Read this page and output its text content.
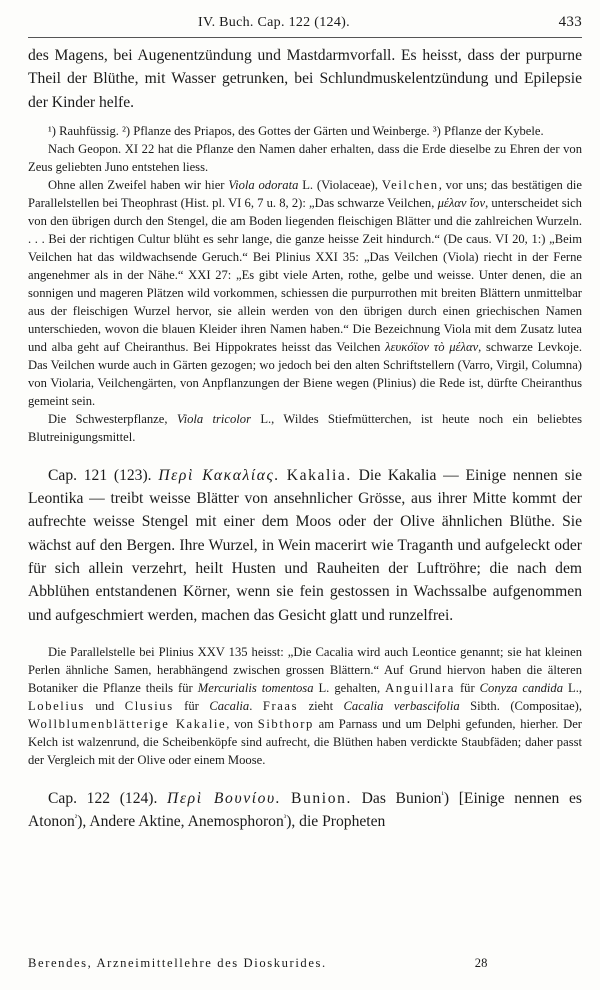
IV. Buch. Cap. 122 (124).	433

des Magens, bei Augenentzündung und Mastdarmvorfall. Es heisst, dass der purpurne Theil der Blüthe, mit Wasser getrunken, bei Schlundmuskelentzündung und Epilepsie der Kinder helfe.

¹) Rauhfüssig. ²) Pflanze des Priapos, des Gottes der Gärten und Weinberge. ³) Pflanze der Kybele.

Nach Geopon. XI 22 hat die Pflanze den Namen daher erhalten, dass die Erde dieselbe zu Ehren der von Zeus geliebten Juno entstehen liess.

Ohne allen Zweifel haben wir hier Viola odorata L. (Violaceae), Veilchen, vor uns; das bestätigen die Parallelstellen bei Theophrast (Hist. pl. VI 6, 7 u. 8, 2): „Das schwarze Veilchen, μέλαν ἴον, unterscheidet sich von den übrigen durch den Stengel, die am Boden liegenden fleischigen Blätter und die zahlreichen Wurzeln. . . . Bei der richtigen Cultur blüht es sehr lange, die ganze heisse Zeit hindurch.“ (De caus. VI 20, 1:) „Beim Veilchen hat das wildwachsende Geruch.“ Bei Plinius XXI 35: „Das Veilchen (Viola) riecht in der Ferne angenehmer als in der Nähe.“ XXI 27: „Es gibt viele Arten, rothe, gelbe und weisse. Unter denen, die an sonnigen und mageren Plätzen wild vorkommen, schiessen die purpurrothen mit breiten Blättern unmittelbar aus der fleischigen Wurzel hervor, sie allein werden von den übrigen durch einen griechischen Namen unterschieden, wovon die blauen Kleider ihren Namen haben.“ Die Bezeichnung Viola mit dem Zusatz lutea und alba geht auf Cheiranthus. Bei Hippokrates heisst das Veilchen λευκόϊον τὸ μέλαν, schwarze Levkoje. Das Veilchen wurde auch in Gärten gezogen; wo jedoch bei den alten Schriftstellern (Varro, Virgil, Columna) von Violaria, Veilchengärten, von Anpflanzungen der Biene wegen (Plinius) die Rede ist, dürfte Cheiranthus gemeint sein.

Die Schwesterpflanze, Viola tricolor L., Wildes Stiefmütterchen, ist heute noch ein beliebtes Blutreinigungsmittel.

Cap. 121 (123). Περὶ Κακαλίας. Kakalia. Die Kakalia — Einige nennen sie Leontika — treibt weisse Blätter von ansehnlicher Grösse, aus ihrer Mitte kommt der aufrechte weisse Stengel mit einer dem Moos oder der Olive ähnlichen Blüthe. Sie wächst auf den Bergen. Ihre Wurzel, in Wein macerirt wie Traganth und aufgeleckt oder für sich allein verzehrt, heilt Husten und Rauheiten der Luftröhre; die nach dem Abblühen entstandenen Körner, wenn sie fein gestossen in Wachssalbe aufgenommen und aufgeschmiert werden, machen das Gesicht glatt und runzelfrei.

Die Parallelstelle bei Plinius XXV 135 heisst: „Die Cacalia wird auch Leontice genannt; sie hat kleinen Perlen ähnliche Samen, herabhängend zwischen grossen Blättern.“ Auf Grund hiervon haben die älteren Botaniker die Pflanze theils für Mercurialis tomentosa L. gehalten, Anguillara für Conyza candida L., Lobelius und Clusius für Cacalia. Fraas zieht Cacalia verbascifolia Sibth. (Compositae), Wollblumenblätterige Kakalie, von Sibthorp am Parnass und um Delphi gefunden, hierher. Der Kelch ist walzenrund, die Scheibenköpfe sind aufrecht, die Blüthen haben verdickte Staubfäden; daher passt der Vergleich mit der Olive oder einem Moose.

Cap. 122 (124). Περὶ Βουνίου. Bunion. Das Bunion$^{^1}$) [Einige nennen es Atonon$^{^2}$), Andere Aktine, Anemosphoron$^{^3}$), die Propheten

Berendes, Arzneimittellehre des Dioskurides.	28
